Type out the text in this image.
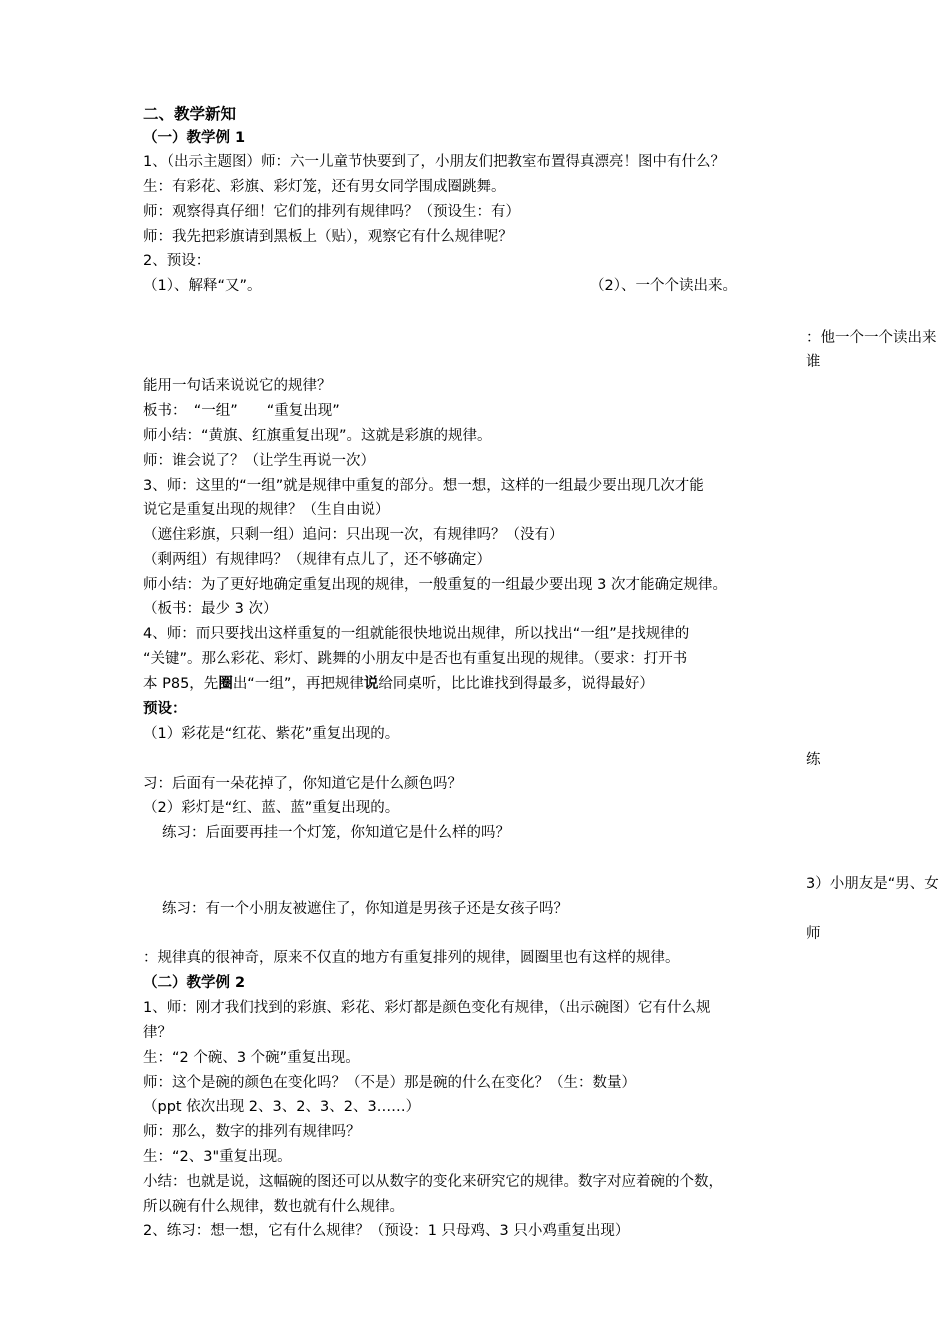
二、教学新知
（一）教学例 1
1、（出示主题图）师：六一儿童节快要到了，小朋友们把教室布置得真漂亮！图中有什么？
生：有彩花、彩旗、彩灯笼，还有男女同学围成圈跳舞。
师：观察得真仔细！它们的排列有规律吗？（预设生：有）
师：我先把彩旗请到黑板上（贴），观察它有什么规律呢？
2、预设：
（1）、解释“又”。	（2）、一个个读出来。
：他一个一个读出来
谁
能用一句话来说说它的规律？
板书：　“一组”　　“重复出现”
师小结：“黄旗、红旗重复出现”。这就是彩旗的规律。
师：谁会说了？（让学生再说一次）
3、师：这里的“一组”就是规律中重复的部分。想一想，这样的一组最少要出现几次才能
说它是重复出现的规律？（生自由说）
（遮住彩旗，只剩一组）追问：只出现一次，有规律吗？（没有）
（剩两组）有规律吗？（规律有点儿了，还不够确定）
师小结：为了更好地确定重复出现的规律，一般重复的一组最少要出现 3 次才能确定规律。
（板书：最少 3 次）
4、师：而只要找出这样重复的一组就能很快地说出规律，所以找出“一组”是找规律的
“关键”。那么彩花、彩灯、跳舞的小朋友中是否也有重复出现的规律。（要求：打开书
本 P85，先圈出“一组”，再把规律说给同桌听，比比谁找到得最多，说得最好）
预设：
（1）彩花是“红花、紫花”重复出现的。
练
习：后面有一朵花掉了，你知道它是什么颜色吗？
（2）彩灯是“红、蓝、蓝”重复出现的。
练习：后面要再挂一个灯笼，你知道它是什么样的吗？
3）小朋友是“男、女
练习：有一个小朋友被遮住了，你知道是男孩子还是女孩子吗？
师
：规律真的很神奇，原来不仅直的地方有重复排列的规律，圆圈里也有这样的规律。
（二）教学例 2
1、师：刚才我们找到的彩旗、彩花、彩灯都是颜色变化有规律，（出示碗图）它有什么规
律？
生：“2 个碗、3 个碗”重复出现。
师：这个是碗的颜色在变化吗？（不是）那是碗的什么在变化？（生：数量）
（ppt 依次出现 2、3、2、3、2、3……）
师：那么，数字的排列有规律吗？
生：“2、3"重复出现。
小结：也就是说，这幅碗的图还可以从数字的变化来研究它的规律。数字对应着碗的个数，
所以碗有什么规律，数也就有什么规律。
2、练习：想一想，它有什么规律？（预设：1 只母鸡、3 只小鸡重复出现）
